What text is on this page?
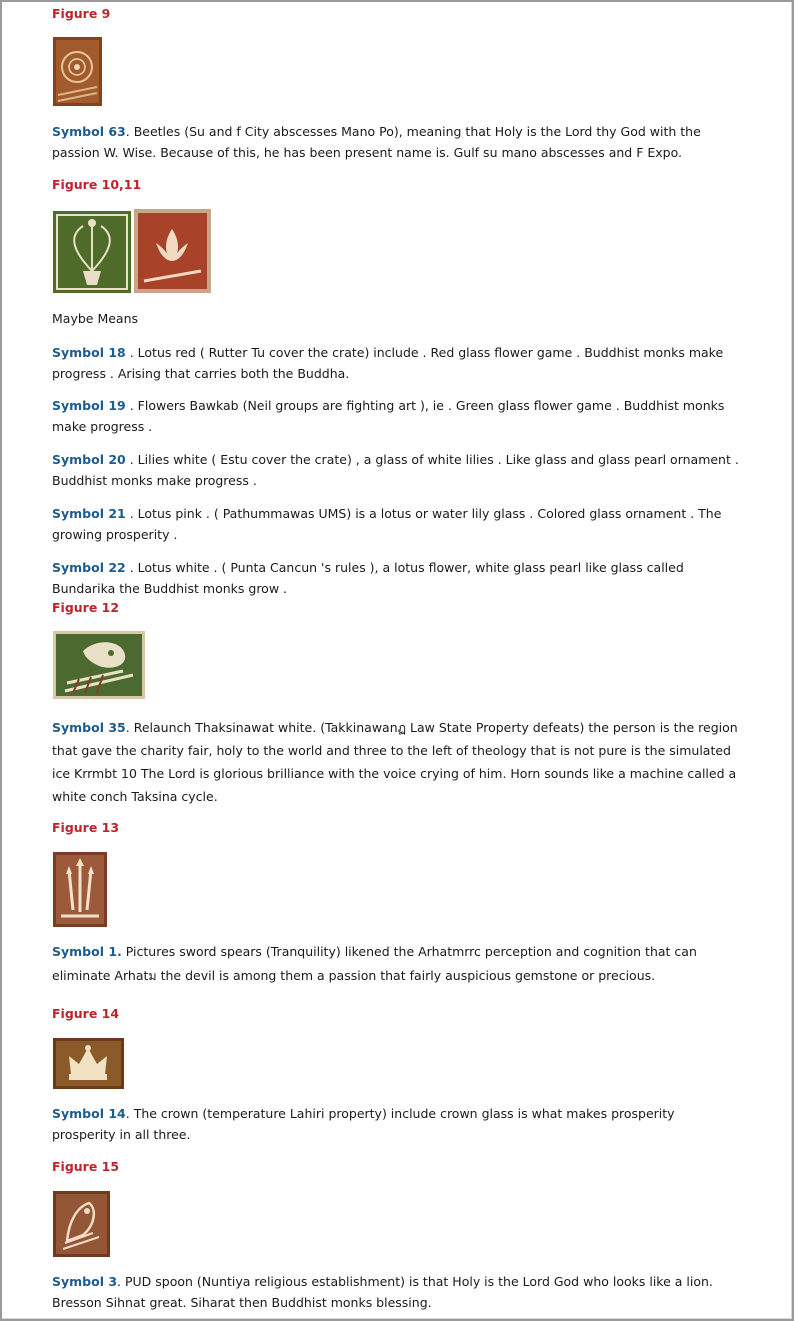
Figure 9
Symbol 63. Beetles (Su and f City abscesses Mano Po), meaning that Holy is the Lord thy God with the passion W. Wise. Because of this, he has been present name is. Gulf su mano abscesses and F Expo.
Figure 10,11
Maybe Means
Symbol 18 . Lotus red ( Rutter Tu cover the crate) include . Red glass flower game . Buddhist monks make progress . Arising that carries both the Buddha.
Symbol 19 . Flowers Bawkab (Neil groups are fighting art ), ie . Green glass flower game . Buddhist monks make progress .
Symbol 20 . Lilies white ( Estu cover the crate) , a glass of white lilies . Like glass and glass pearl ornament . Buddhist monks make progress .
Symbol 21 . Lotus pink . ( Pathummawas UMS) is a lotus or water lily glass . Colored glass ornament . The growing prosperity .
Symbol 22 . Lotus white . ( Punta Cancun 's rules ), a lotus flower, white glass pearl like glass called Bundarika the Buddhist monks grow .
Figure 12
Symbol 35. Relaunch Thaksinawat white. (Takkinawanฏ Law State Property defeats) the person is the region that gave the charity fair, holy to the world and three to the left of theology that is not pure is the simulated ice Krrmbt 10 The Lord is glorious brilliance with the voice crying of him. Horn sounds like a machine called a white conch Taksina cycle.
Figure 13
Symbol 1. Pictures sword spears (Tranquility) likened the Arhatmrrc perception and cognition that can eliminate Arhatม the devil is among them a passion that fairly auspicious gemstone or precious.
Figure 14
Symbol 14. The crown (temperature Lahiri property) include crown glass is what makes prosperity prosperity in all three.
Figure 15
Symbol 3. PUD spoon (Nuntiya religious establishment) is that Holy is the Lord God who looks like a lion. Bresson Sihnat great. Siharat then Buddhist monks blessing.
